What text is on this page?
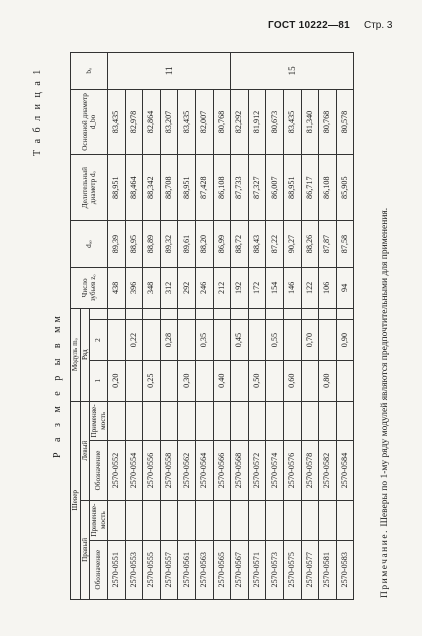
ГОСТ 10222—81 Стр. 3
Т а б л и ц а 1
Р а з м е р ы в мм
Шевер				Модуль mₒ			Число зубьев zₒ	dₐₒ	Делительный диаметр dₒ	Основной диаметр d_bо	bₒ
Правый		Левый		Ряд							
Обозначение	Применяе-мость	Обозначение	Применяе-мость	1	2						
2570-0551		2570-0552		0,20			438	89,39	88,951	83,435	11
2570-0553		2570-0554			0,22		396	88,95	88,464	82,978	
2570-0555		2570-0556		0,25			348	88,89	88,342	82,864	
2570-0557		2570-0558			0,28		312	89,32	88,708	83,207	
2570-0561		2570-0562		0,30			292	89,61	88,951	83,435	
2570-0563		2570-0564			0,35		246	88,20	87,428	82,007	
2570-0565		2570-0566		0,40			212	86,99	86,108	80,768	
2570-0567		2570-0568			0,45		192	88,72	87,733	82,292	15
2570-0571		2570-0572		0,50			172	88,43	87,327	81,912	
2570-0573		2570-0574			0,55		154	87,22	86,007	80,673	
2570-0575		2570-0576		0,60			146	90,27	88,951	83,435	
2570-0577		2570-0578			0,70		122	88,26	86,717	81,340	
2570-0581		2570-0582		0,80			106	87,87	86,108	80,768	
2570-0583		2570-0584			0,90		94	87,58	85,905	80,578	
Примечание. Шеверы по 1-му ряду модулей являются предпочтительными для применения.
